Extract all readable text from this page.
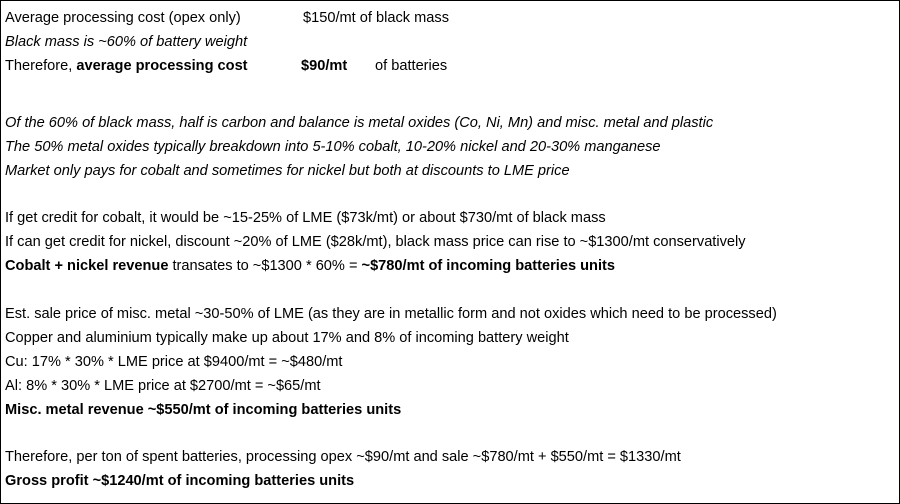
Average processing cost (opex only)	$150/mt of black mass
Black mass is ~60% of battery weight
Therefore, average processing cost	$90/mt of batteries
Of the 60% of black mass, half is carbon and balance is metal oxides (Co, Ni, Mn) and misc. metal and plastic
The 50% metal oxides typically breakdown into 5-10% cobalt, 10-20% nickel and 20-30% manganese
Market only pays for cobalt and sometimes for nickel but both at discounts to LME price
If get credit for cobalt, it would be ~15-25% of LME ($73k/mt) or about $730/mt of black mass
If can get credit for nickel, discount ~20% of LME ($28k/mt), black mass price can rise to ~$1300/mt conservatively
Cobalt + nickel revenue transates to ~$1300 * 60% = ~$780/mt of incoming batteries units
Est. sale price of misc. metal ~30-50% of LME (as they are in metallic form and not oxides which need to be processed)
Copper and aluminium typically make up about 17% and 8% of incoming battery weight
Cu: 17% * 30% * LME price at $9400/mt = ~$480/mt
Al: 8% * 30% * LME price at $2700/mt = ~$65/mt
Misc. metal revenue ~$550/mt of incoming batteries units
Therefore, per ton of spent batteries, processing opex ~$90/mt and sale ~$780/mt + $550/mt = $1330/mt
Gross profit ~$1240/mt of incoming batteries units
